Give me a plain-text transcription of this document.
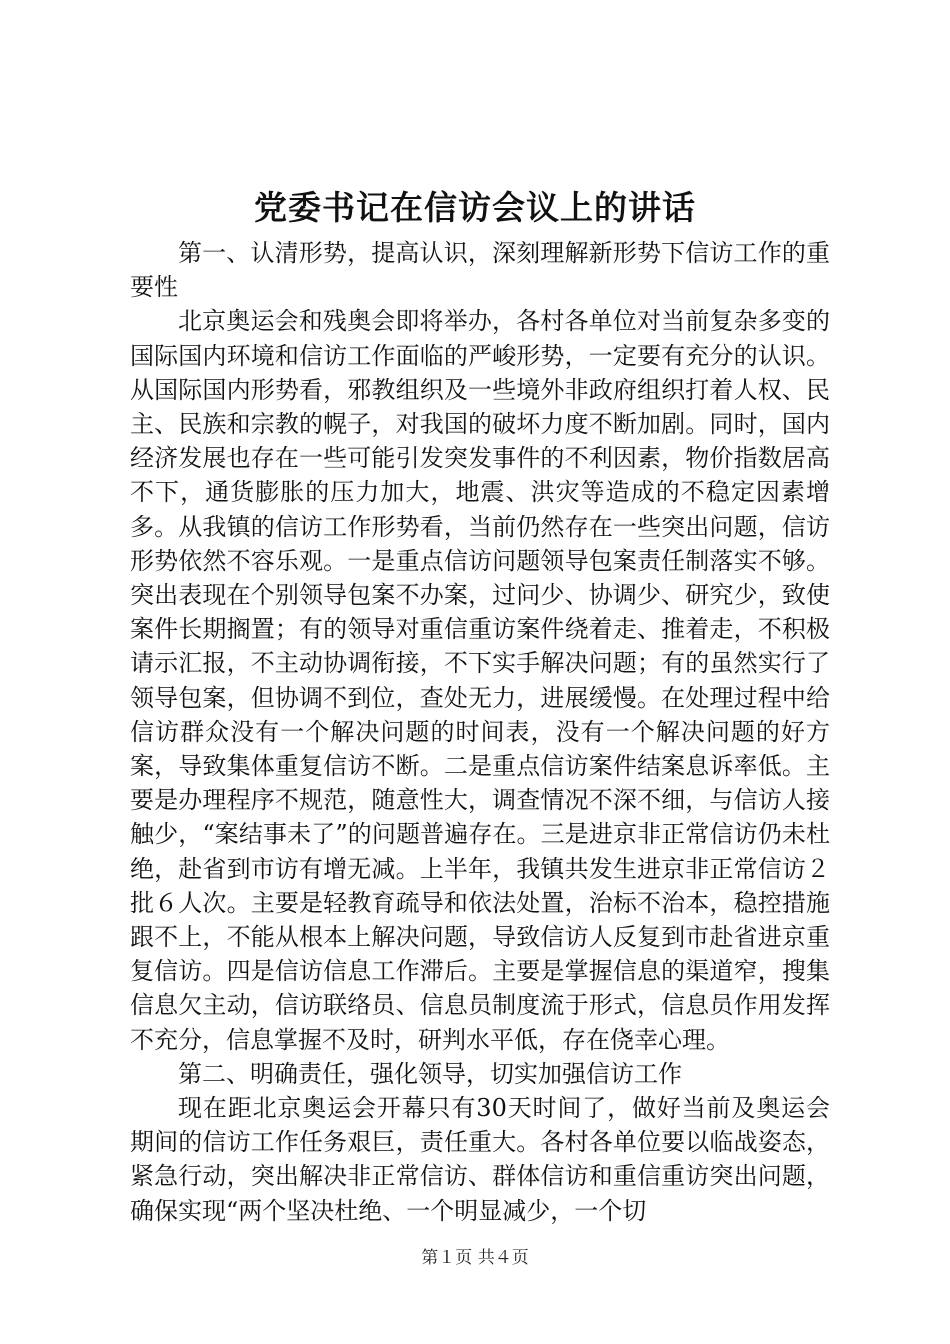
党委书记在信访会议上的讲话

第一、认清形势，提高认识，深刻理解新形势下信访工作的重要性

北京奥运会和残奥会即将举办，各村各单位对当前复杂多变的国际国内环境和信访工作面临的严峻形势，一定要有充分的认识。从国际国内形势看，邪教组织及一些境外非政府组织打着人权、民主、民族和宗教的幌子，对我国的破坏力度不断加剧。同时，国内经济发展也存在一些可能引发突发事件的不利因素，物价指数居高不下，通货膨胀的压力加大，地震、洪灾等造成的不稳定因素增多。从我镇的信访工作形势看，当前仍然存在一些突出问题，信访形势依然不容乐观。一是重点信访问题领导包案责任制落实不够。突出表现在个别领导包案不办案，过问少、协调少、研究少，致使案件长期搁置；有的领导对重信重访案件绕着走、推着走，不积极请示汇报，不主动协调衔接，不下实手解决问题；有的虽然实行了领导包案，但协调不到位，查处无力，进展缓慢。在处理过程中给信访群众没有一个解决问题的时间表，没有一个解决问题的好方案，导致集体重复信访不断。二是重点信访案件结案息诉率低。主要是办理程序不规范，随意性大，调查情况不深不细，与信访人接触少，“案结事未了”的问题普遍存在。三是进京非正常信访仍未杜绝，赴省到市访有增无减。上半年，我镇共发生进京非正常信访２批６人次。主要是轻教育疏导和依法处置，治标不治本，稳控措施跟不上，不能从根本上解决问题，导致信访人反复到市赴省进京重复信访。四是信访信息工作滞后。主要是掌握信息的渠道窄，搜集信息欠主动，信访联络员、信息员制度流于形式，信息员作用发挥不充分，信息掌握不及时，研判水平低，存在侥幸心理。

第二、明确责任，强化领导，切实加强信访工作

现在距北京奥运会开幕只有30天时间了，做好当前及奥运会期间的信访工作任务艰巨，责任重大。各村各单位要以临战姿态，紧急行动，突出解决非正常信访、群体信访和重信重访突出问题，确保实现“两个坚决杜绝、一个明显减少，一个切

第１页 共４页
